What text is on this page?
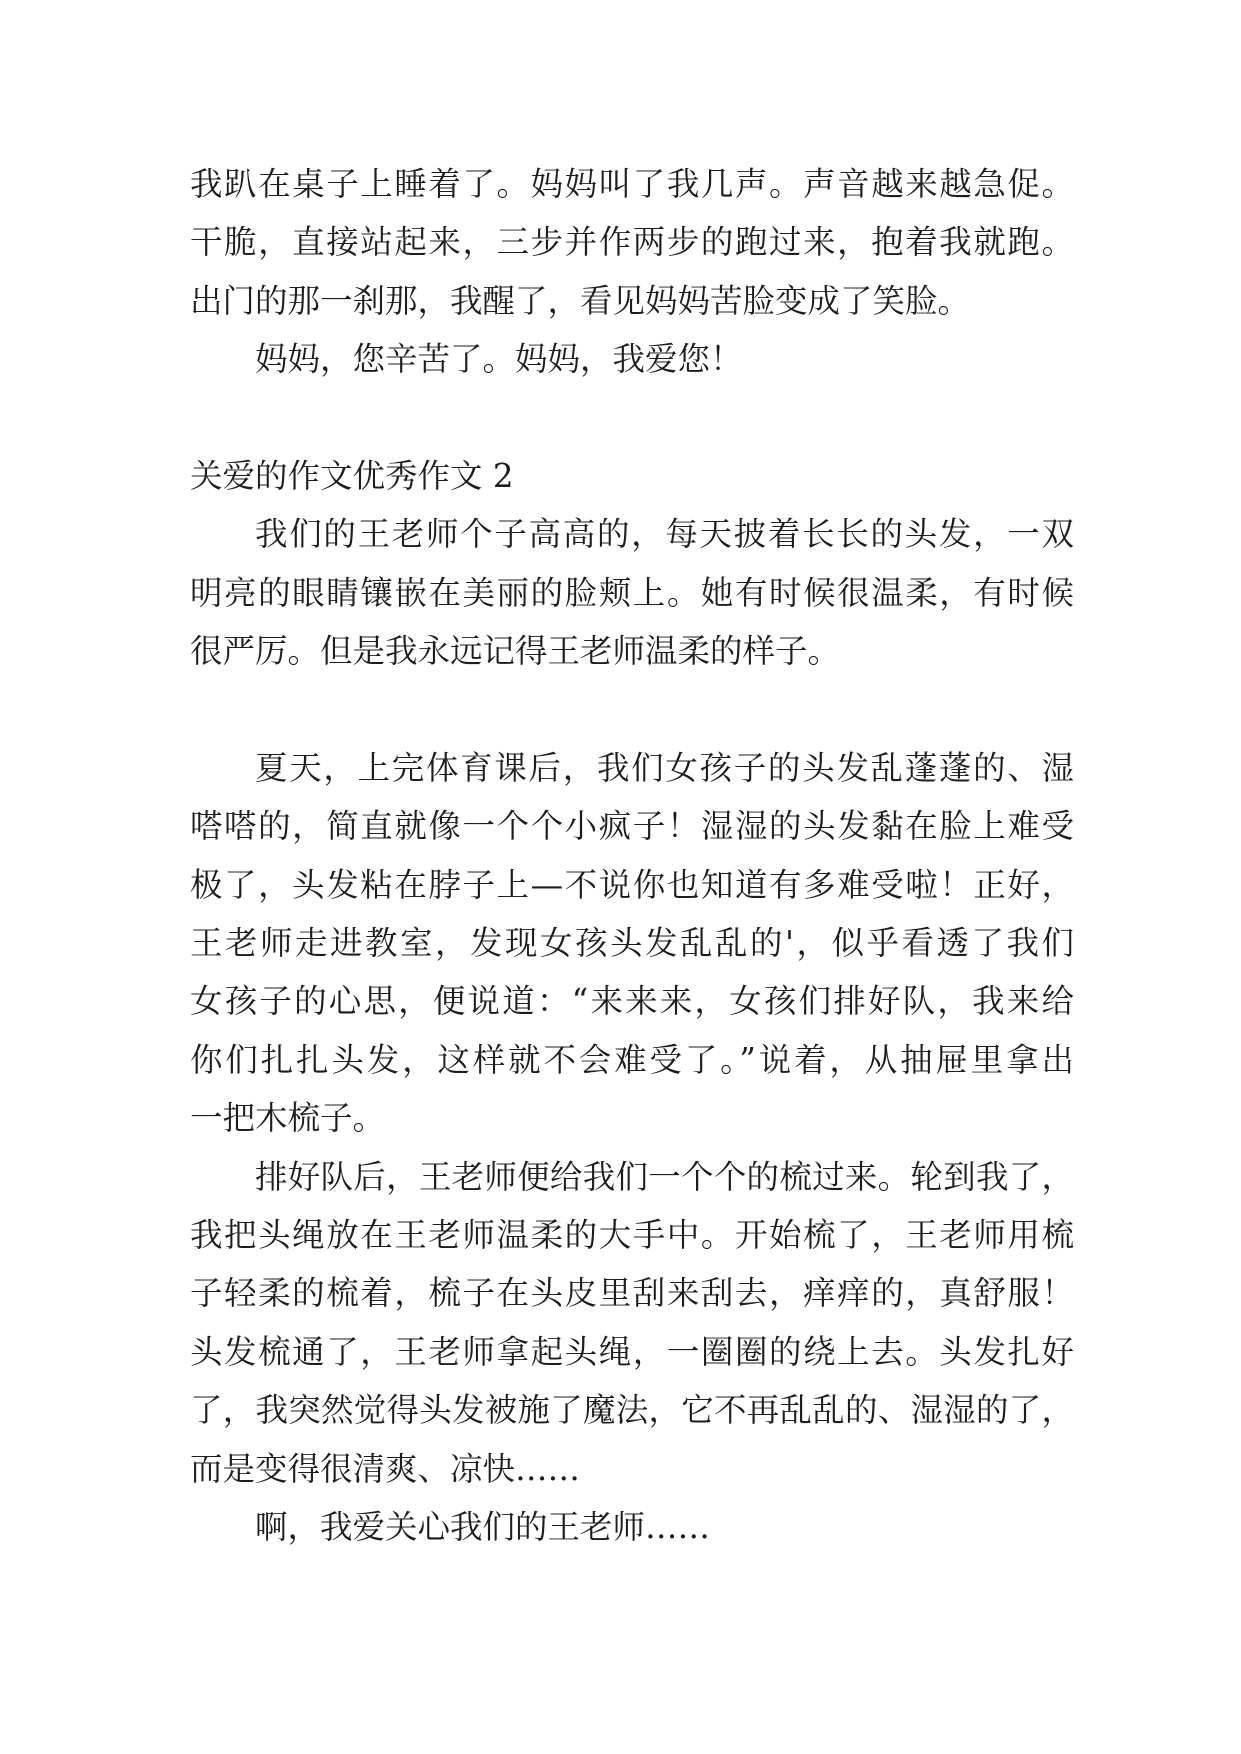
我趴在桌子上睡着了。妈妈叫了我几声。声音越来越急促。
干脆，直接站起来，三步并作两步的跑过来，抱着我就跑。
出门的那一刹那，我醒了，看见妈妈苦脸变成了笑脸。
妈妈，您辛苦了。妈妈，我爱您！
关爱的作文优秀作文 2
我们的王老师个子高高的，每天披着长长的头发，一双
明亮的眼睛镶嵌在美丽的脸颊上。她有时候很温柔，有时候
很严厉。但是我永远记得王老师温柔的样子。
夏天，上完体育课后，我们女孩子的头发乱蓬蓬的、湿
嗒嗒的，简直就像一个个小疯子！湿湿的头发黏在脸上难受
极了，头发粘在脖子上—不说你也知道有多难受啦！正好，
王老师走进教室，发现女孩头发乱乱的'，似乎看透了我们
女孩子的心思，便说道：“来来来，女孩们排好队，我来给
你们扎扎头发，这样就不会难受了。”说着，从抽屉里拿出
一把木梳子。
排好队后，王老师便给我们一个个的梳过来。轮到我了，
我把头绳放在王老师温柔的大手中。开始梳了，王老师用梳
子轻柔的梳着，梳子在头皮里刮来刮去，痒痒的，真舒服！
头发梳通了，王老师拿起头绳，一圈圈的绕上去。头发扎好
了，我突然觉得头发被施了魔法，它不再乱乱的、湿湿的了，
而是变得很清爽、凉快……
啊，我爱关心我们的王老师……
